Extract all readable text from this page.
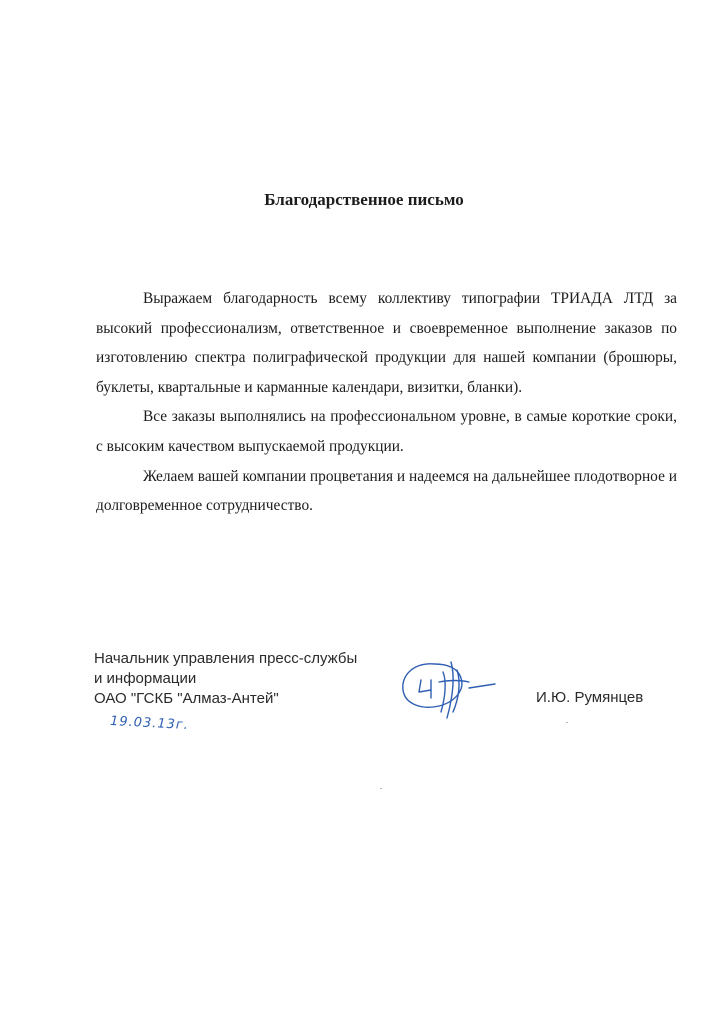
Благодарственное письмо

Выражаем благодарность всему коллективу типографии ТРИАДА ЛТД за высокий профессионализм, ответственное и своевременное выполнение заказов по изготовлению спектра полиграфической продукции для нашей компании (брошюры, буклеты, квартальные и карманные календари, визитки, бланки).

Все заказы выполнялись на профессиональном уровне, в самые короткие сроки, с высоким качеством выпускаемой продукции.

Желаем вашей компании процветания и надеемся на дальнейшее плодотворное и долговременное сотрудничество.

Начальник управления пресс-службы
и информации
ОАО "ГСКБ "Алмаз-Антей"	И.Ю. Румянцев
19.03.13г.
